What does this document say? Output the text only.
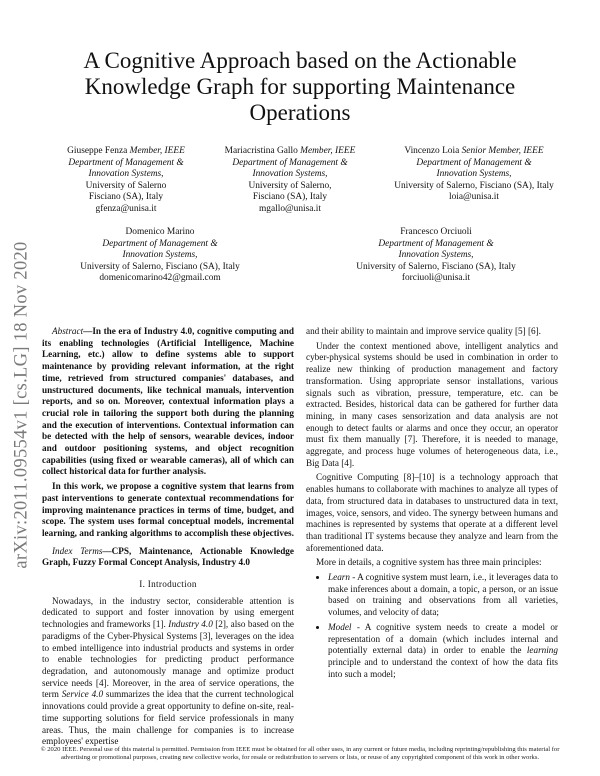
arXiv:2011.09554v1 [cs.LG] 18 Nov 2020
A Cognitive Approach based on the Actionable Knowledge Graph for supporting Maintenance Operations
Giuseppe Fenza Member, IEEE
Department of Management &
Innovation Systems,
University of Salerno
Fisciano (SA), Italy
gfenza@unisa.it
Mariacristina Gallo Member, IEEE
Department of Management &
Innovation Systems,
University of Salerno,
Fisciano (SA), Italy
mgallo@unisa.it
Vincenzo Loia Senior Member, IEEE
Department of Management &
Innovation Systems,
University of Salerno, Fisciano (SA), Italy
loia@unisa.it
Domenico Marino
Department of Management &
Innovation Systems,
University of Salerno, Fisciano (SA), Italy
domenicomarino42@gmail.com
Francesco Orciuoli
Department of Management &
Innovation Systems,
University of Salerno, Fisciano (SA), Italy
forciuoli@unisa.it

Abstract—In the era of Industry 4.0, cognitive computing and its enabling technologies (Artificial Intelligence, Machine Learning, etc.) allow to define systems able to support maintenance by providing relevant information, at the right time, retrieved from structured companies' databases, and unstructured documents, like technical manuals, intervention reports, and so on. Moreover, contextual information plays a crucial role in tailoring the support both during the planning and the execution of interventions. Contextual information can be detected with the help of sensors, wearable devices, indoor and outdoor positioning systems, and object recognition capabilities (using fixed or wearable cameras), all of which can collect historical data for further analysis.

In this work, we propose a cognitive system that learns from past interventions to generate contextual recommendations for improving maintenance practices in terms of time, budget, and scope. The system uses formal conceptual models, incremental learning, and ranking algorithms to accomplish these objectives.

Index Terms—CPS, Maintenance, Actionable Knowledge Graph, Fuzzy Formal Concept Analysis, Industry 4.0

I. Introduction

Nowadays, in the industry sector, considerable attention is dedicated to support and foster innovation by using emergent technologies and frameworks [1]. Industry 4.0 [2], also based on the paradigms of the Cyber-Physical Systems [3], leverages on the idea to embed intelligence into industrial products and systems in order to enable technologies for predicting product performance degradation, and autonomously manage and optimize product service needs [4]. Moreover, in the area of service operations, the term Service 4.0 summarizes the idea that the current technological innovations could provide a great opportunity to define on-site, real-time supporting solutions for field service professionals in many areas. Thus, the main challenge for companies is to increase employees' expertise

and their ability to maintain and improve service quality [5] [6].

Under the context mentioned above, intelligent analytics and cyber-physical systems should be used in combination in order to realize new thinking of production management and factory transformation. Using appropriate sensor installations, various signals such as vibration, pressure, temperature, etc. can be extracted. Besides, historical data can be gathered for further data mining, in many cases sensorization and data analysis are not enough to detect faults or alarms and once they occur, an operator must fix them manually [7]. Therefore, it is needed to manage, aggregate, and process huge volumes of heterogeneous data, i.e., Big Data [4].

Cognitive Computing [8]–[10] is a technology approach that enables humans to collaborate with machines to analyze all types of data, from structured data in databases to unstructured data in text, images, voice, sensors, and video. The synergy between humans and machines is represented by systems that operate at a different level than traditional IT systems because they analyze and learn from the aforementioned data.

More in details, a cognitive system has three main principles:

• Learn - A cognitive system must learn, i.e., it leverages data to make inferences about a domain, a topic, a person, or an issue based on training and observations from all varieties, volumes, and velocity of data;
• Model - A cognitive system needs to create a model or representation of a domain (which includes internal and potentially external data) in order to enable the learning principle and to understand the context of how the data fits into such a model;
© 2020 IEEE. Personal use of this material is permitted. Permission from IEEE must be obtained for all other uses, in any current or future media, including reprinting/republishing this material for advertising or promotional purposes, creating new collective works, for resale or redistribution to servers or lists, or reuse of any copyrighted component of this work in other works.
